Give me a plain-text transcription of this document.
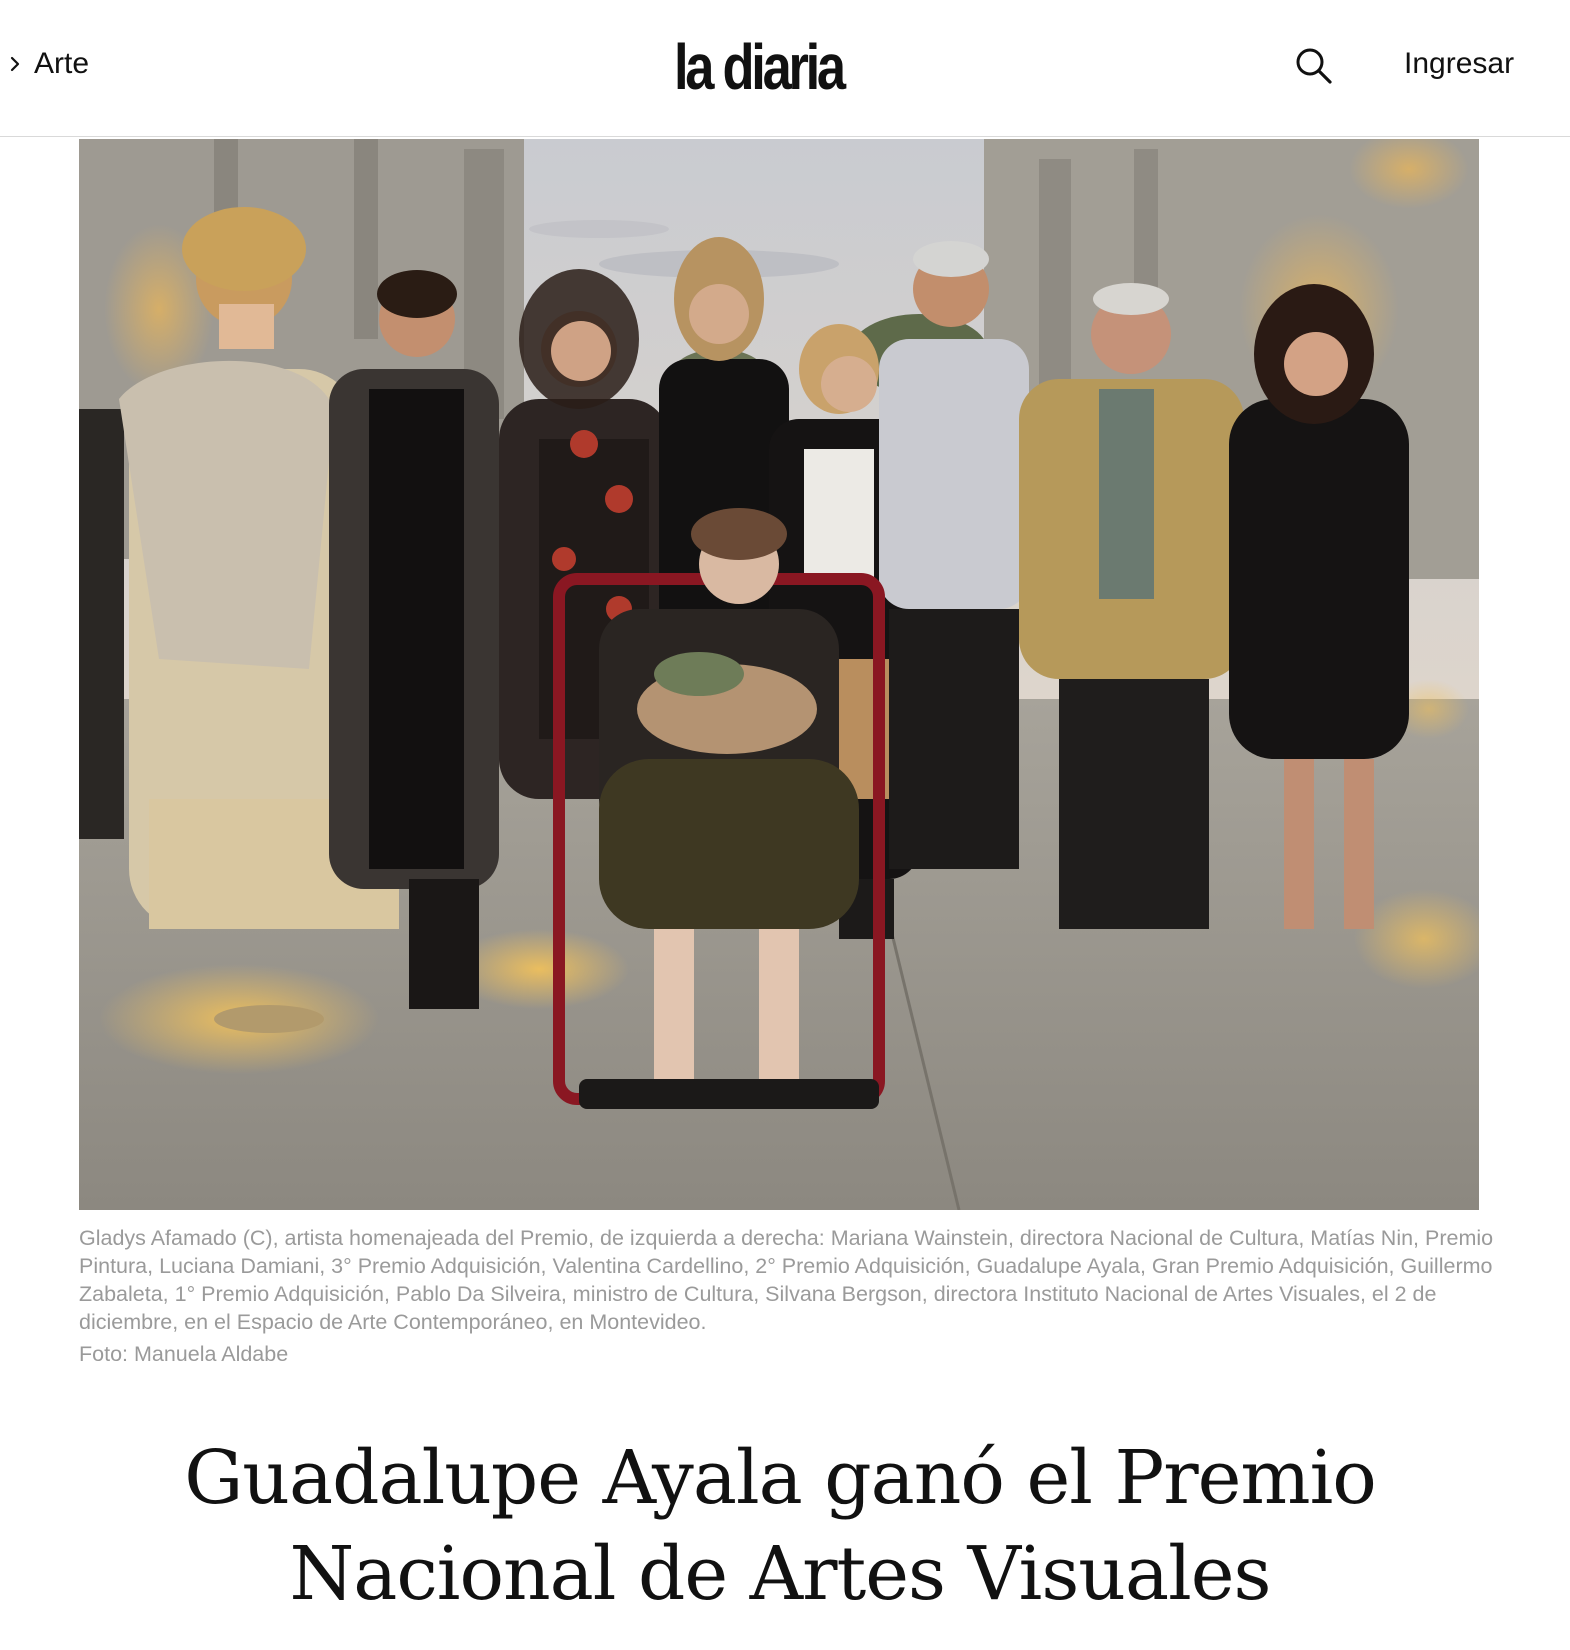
Arte	la diaria	Ingresar

Gladys Afamado (C), artista homenajeada del Premio, de izquierda a derecha: Mariana Wainstein, directora Nacional de Cultura, Matías Nin, Premio Pintura, Luciana Damiani, 3° Premio Adquisición, Valentina Cardellino, 2° Premio Adquisición, Guadalupe Ayala, Gran Premio Adquisición, Guillermo Zabaleta, 1° Premio Adquisición, Pablo Da Silveira, ministro de Cultura, Silvana Bergson, directora Instituto Nacional de Artes Visuales, el 2 de diciembre, en el Espacio de Arte Contemporáneo, en Montevideo.

Foto: Manuela Aldabe
Guadalupe Ayala ganó el Premio Nacional de Artes Visuales
